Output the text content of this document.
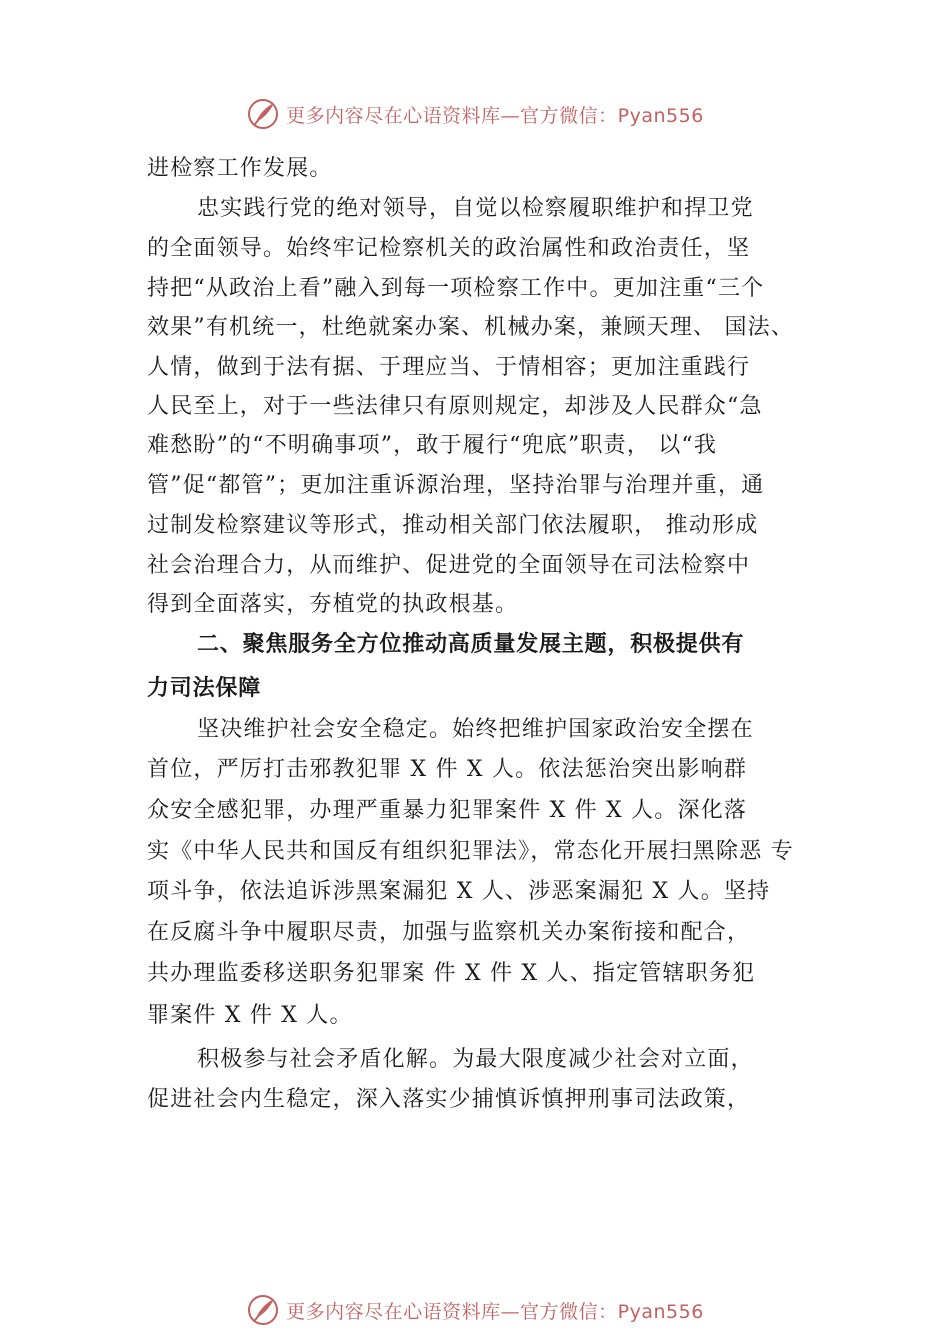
更多内容尽在心语资料库—官方微信：Pyan556
进检察工作发展。
忠实践行党的绝对领导，自觉以检察履职维护和捍卫党
的全面领导。始终牢记检察机关的政治属性和政治责任，坚
持把“从政治上看”融入到每一项检察工作中。更加注重“三个
效果”有机统一，杜绝就案办案、机械办案，兼顾天理、 国法、
人情，做到于法有据、于理应当、于情相容；更加注重践行
人民至上，对于一些法律只有原则规定，却涉及人民群众“急
难愁盼”的“不明确事项”，敢于履行“兜底”职责， 以“我
管”促“都管”；更加注重诉源治理，坚持治罪与治理并重，通
过制发检察建议等形式，推动相关部门依法履职， 推动形成
社会治理合力，从而维护、促进党的全面领导在司法检察中
得到全面落实，夯植党的执政根基。
二、聚焦服务全方位推动高质量发展主题，积极提供有
力司法保障
坚决维护社会安全稳定。始终把维护国家政治安全摆在
首位，严厉打击邪教犯罪 X 件 X 人。依法惩治突出影响群
众安全感犯罪，办理严重暴力犯罪案件 X 件 X 人。深化落
实《中华人民共和国反有组织犯罪法》，常态化开展扫黑除恶 专
项斗争，依法追诉涉黑案漏犯 X 人、涉恶案漏犯 X 人。坚持
在反腐斗争中履职尽责，加强与监察机关办案衔接和配合，
共办理监委移送职务犯罪案 件 X 件 X 人、指定管辖职务犯
罪案件 X 件 X 人。
积极参与社会矛盾化解。为最大限度减少社会对立面，
促进社会内生稳定，深入落实少捕慎诉慎押刑事司法政策，
更多内容尽在心语资料库—官方微信：Pyan556
